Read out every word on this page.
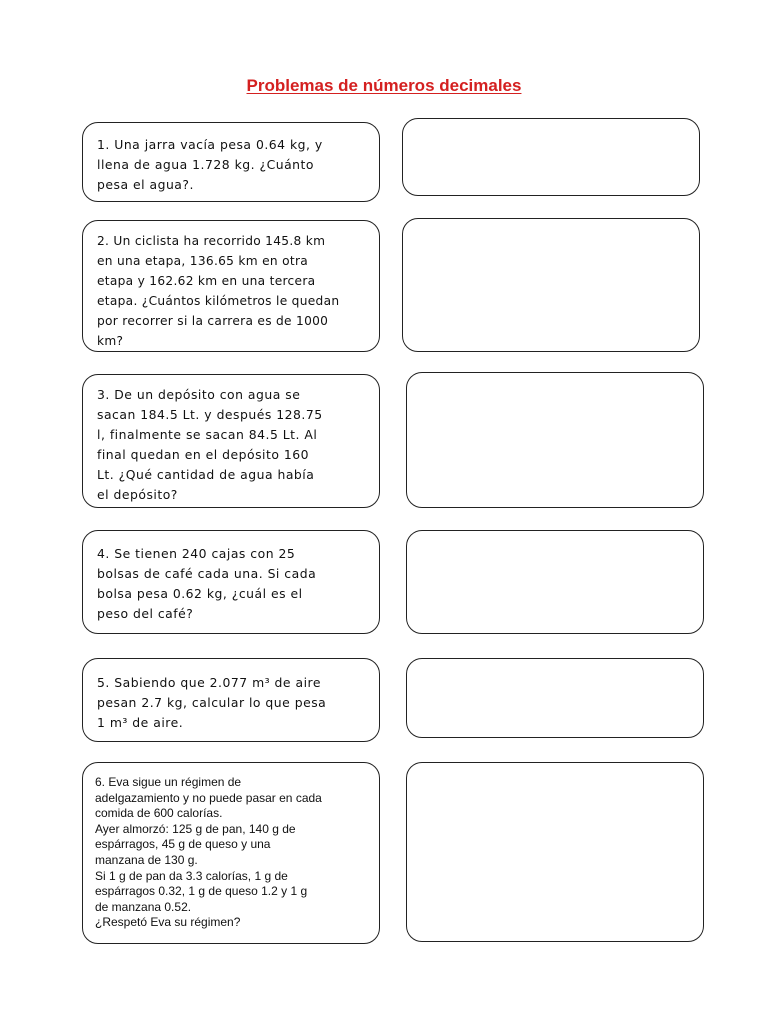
Problemas de números decimales

1. Una jarra vacía pesa 0.64 kg, y

llena de agua 1.728 kg. ¿Cuánto

pesa el agua?.

2. Un ciclista ha recorrido 145.8 km

en una etapa, 136.65 km en otra

etapa y 162.62 km en una tercera

etapa. ¿Cuántos kilómetros le quedan

por recorrer si la carrera es de 1000

km?

3. De un depósito con agua se

sacan 184.5 Lt. y después 128.75

l, finalmente se sacan 84.5 Lt. Al

final quedan en el depósito 160

Lt. ¿Qué cantidad de agua había

el depósito?

4. Se tienen 240 cajas con 25

bolsas de café cada una. Si cada

bolsa pesa 0.62 kg, ¿cuál es el

peso del café?

5. Sabiendo que 2.077 m³ de aire

pesan 2.7 kg, calcular lo que pesa

1 m³ de aire.

6. Eva sigue un régimen de

adelgazamiento y no puede pasar en cada

comida de 600 calorías.

Ayer almorzó: 125 g de pan, 140 g de

espárragos, 45 g de queso y una

manzana de 130 g.

Si 1 g de pan da 3.3 calorías, 1 g de

espárragos 0.32, 1 g de queso 1.2 y 1 g

de manzana 0.52.

¿Respetó Eva su régimen?
